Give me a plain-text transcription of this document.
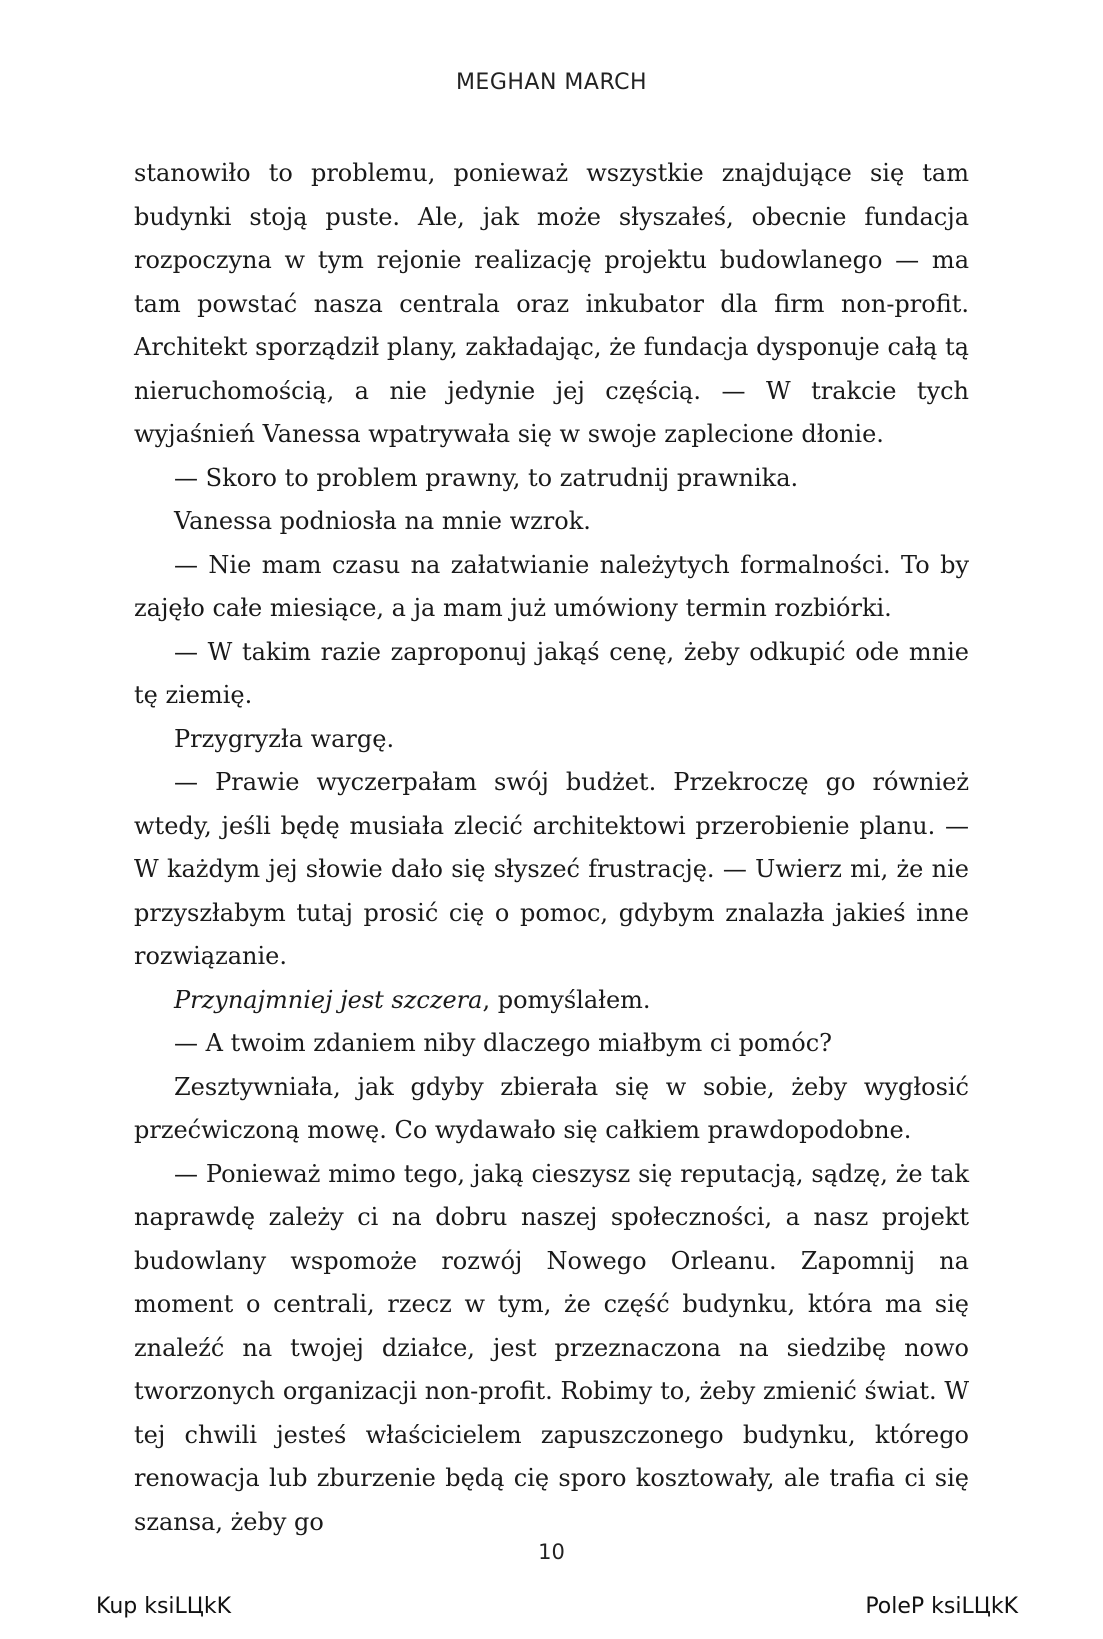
MEGHAN MARCH

stanowiło to problemu, ponieważ wszystkie znajdujące się tam budynki stoją puste. Ale, jak może słyszałeś, obecnie fundacja rozpoczyna w tym rejonie realizację projektu budowlanego — ma tam powstać nasza centrala oraz inkubator dla firm non-profit. Architekt sporządził plany, zakładając, że fundacja dysponuje całą tą nieruchomością, a nie jedynie jej częścią. — W trakcie tych wyjaśnień Vanessa wpatrywała się w swoje zaplecione dłonie.

— Skoro to problem prawny, to zatrudnij prawnika.

Vanessa podniosła na mnie wzrok.

— Nie mam czasu na załatwianie należytych formalności. To by zajęło całe miesiące, a ja mam już umówiony termin rozbiórki.

— W takim razie zaproponuj jakąś cenę, żeby odkupić ode mnie tę ziemię.

Przygryzła wargę.

— Prawie wyczerpałam swój budżet. Przekroczę go również wtedy, jeśli będę musiała zlecić architektowi przerobienie planu. — W każdym jej słowie dało się słyszeć frustrację. — Uwierz mi, że nie przyszłabym tutaj prosić cię o pomoc, gdybym znalazła jakieś inne rozwiązanie.

Przynajmniej jest szczera, pomyślałem.

— A twoim zdaniem niby dlaczego miałbym ci pomóc?

Zesztywniała, jak gdyby zbierała się w sobie, żeby wygłosić przećwiczoną mowę. Co wydawało się całkiem prawdopodobne.

— Ponieważ mimo tego, jaką cieszysz się reputacją, sądzę, że tak naprawdę zależy ci na dobru naszej społeczności, a nasz projekt budowlany wspomoże rozwój Nowego Orleanu. Zapomnij na moment o centrali, rzecz w tym, że część budynku, która ma się znaleźć na twojej działce, jest przeznaczona na siedzibę nowo tworzonych organizacji non-profit. Robimy to, żeby zmienić świat. W tej chwili jesteś właścicielem zapuszczonego budynku, którego renowacja lub zburzenie będą cię sporo kosztowały, ale trafia ci się szansa, żeby go

10
Kup ksiLЦkK	PoleP ksiLЦkK
